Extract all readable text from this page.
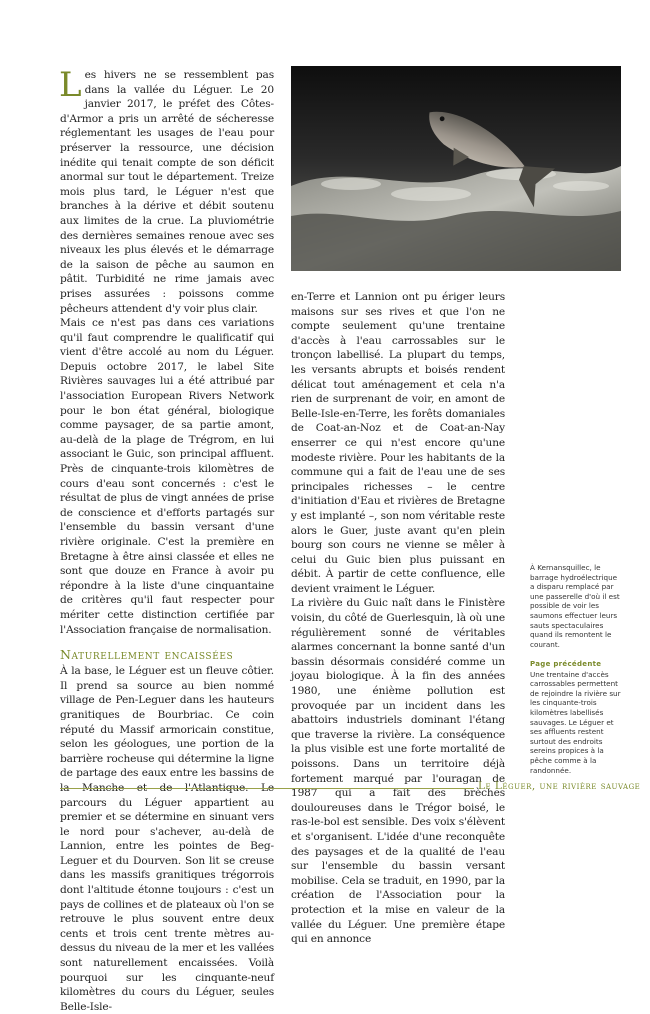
L es hivers ne se ressemblent pas dans la vallée du Léguer. Le 20 janvier 2017, le préfet des Côtes-d'Armor a pris un arrêté de sécheresse réglementant les usages de l'eau pour préserver la ressource, une décision inédite qui tenait compte de son déficit anormal sur tout le département. Treize mois plus tard, le Léguer n'est que branches à la dérive et débit soutenu aux limites de la crue. La pluviométrie des dernières semaines renoue avec ses niveaux les plus élevés et le démarrage de la saison de pêche au saumon en pâtit. Turbidité ne rime jamais avec prises assurées : poissons comme pêcheurs attendent d'y voir plus clair.

Mais ce n'est pas dans ces variations qu'il faut comprendre le qualificatif qui vient d'être accolé au nom du Léguer. Depuis octobre 2017, le label Site Rivières sauvages lui a été attribué par l'association European Rivers Network pour le bon état général, biologique comme paysager, de sa partie amont, au-delà de la plage de Trégrom, en lui associant le Guic, son principal affluent. Près de cinquante-trois kilomètres de cours d'eau sont concernés : c'est le résultat de plus de vingt années de prise de conscience et d'efforts partagés sur l'ensemble du bassin versant d'une rivière originale. C'est la première en Bretagne à être ainsi classée et elles ne sont que douze en France à avoir pu répondre à la liste d'une cinquantaine de critères qu'il faut respecter pour mériter cette distinction certifiée par l'Association française de normalisation.

Naturellement encaissées

À la base, le Léguer est un fleuve côtier. Il prend sa source au bien nommé village de Pen-Leguer dans les hauteurs granitiques de Bourbriac. Ce coin réputé du Massif armoricain constitue, selon les géologues, une portion de la barrière rocheuse qui détermine la ligne de partage des eaux entre les bassins de la Manche et de l'Atlantique. Le parcours du Léguer appartient au premier et se détermine en sinuant vers le nord pour s'achever, au-delà de Lannion, entre les pointes de Beg-Leguer et du Dourven. Son lit se creuse dans les massifs granitiques trégorrois dont l'altitude étonne toujours : c'est un pays de collines et de plateaux où l'on se retrouve le plus souvent entre deux cents et trois cent trente mètres au-dessus du niveau de la mer et les vallées sont naturellement encaissées. Voilà pourquoi sur les cinquante-neuf kilomètres du cours du Léguer, seules Belle-Isle-

en-Terre et Lannion ont pu ériger leurs maisons sur ses rives et que l'on ne compte seulement qu'une trentaine d'accès à l'eau carrossables sur le tronçon labellisé. La plupart du temps, les versants abrupts et boisés rendent délicat tout aménagement et cela n'a rien de surprenant de voir, en amont de Belle-Isle-en-Terre, les forêts domaniales de Coat-an-Noz et de Coat-an-Nay enserrer ce qui n'est encore qu'une modeste rivière. Pour les habitants de la commune qui a fait de l'eau une de ses principales richesses – le centre d'initiation d'Eau et rivières de Bretagne y est implanté –, son nom véritable reste alors le Guer, juste avant qu'en plein bourg son cours ne vienne se mêler à celui du Guic bien plus puissant en débit. À partir de cette confluence, elle devient vraiment le Léguer.

La rivière du Guic naît dans le Finistère voisin, du côté de Guerlesquin, là où une régulièrement sonné de véritables alarmes concernant la bonne santé d'un bassin désormais considéré comme un joyau biologique. À la fin des années 1980, une énième pollution est provoquée par un incident dans les abattoirs industriels dominant l'étang que traverse la rivière. La conséquence la plus visible est une forte mortalité de poissons. Dans un territoire déjà fortement marqué par l'ouragan de 1987 qui a fait des brèches douloureuses dans le Trégor boisé, le ras-le-bol est sensible. Des voix s'élèvent et s'organisent. L'idée d'une reconquête des paysages et de la qualité de l'eau sur l'ensemble du bassin versant mobilise. Cela se traduit, en 1990, par la création de l'Association pour la protection et la mise en valeur de la vallée du Léguer. Une première étape qui en annonce

À Kernansquillec, le barrage hydroélectrique a disparu remplacé par une passerelle d'où il est possible de voir les saumons effectuer leurs sauts spectaculaires quand ils remontent le courant.
Page précédente
Une trentaine d'accès carrossables permettent de rejoindre la rivière sur les cinquante-trois kilomètres labellisés sauvages. Le Léguer et ses affluents restent surtout des endroits sereins propices à la pêche comme à la randonnée.
Le Léguer, une rivière sauvage
